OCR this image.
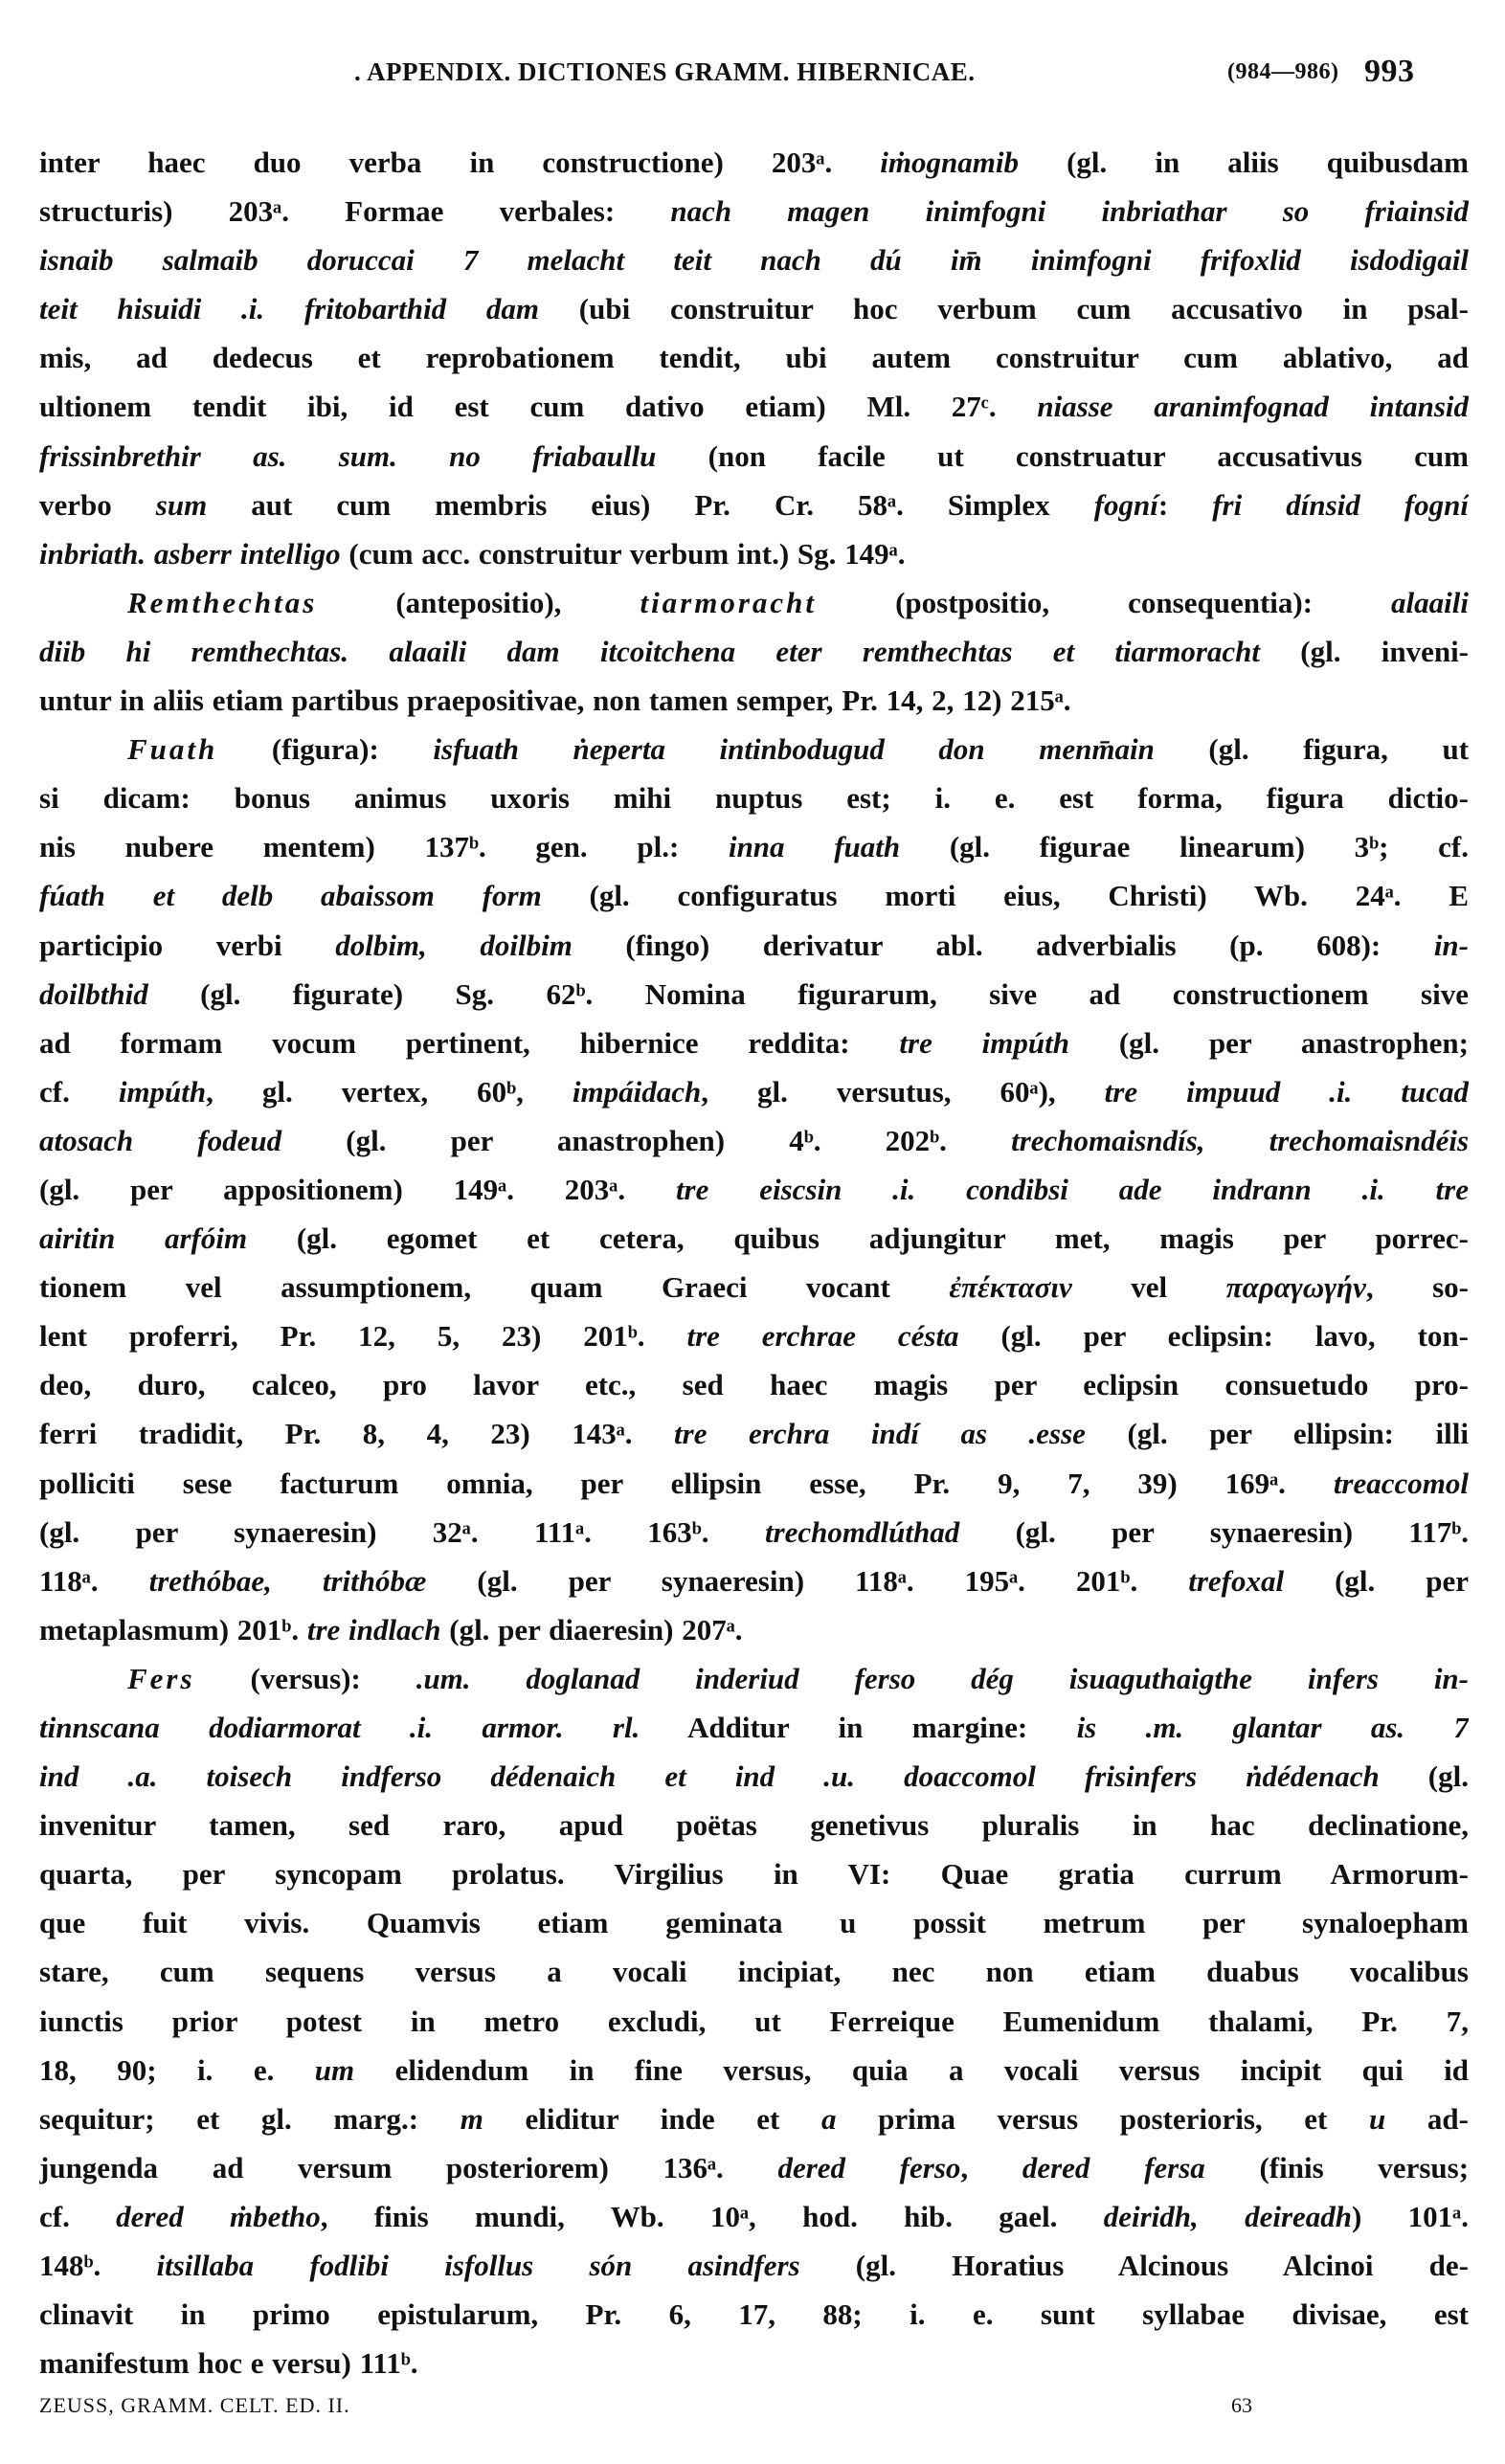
. APPENDIX. DICTIONES GRAMM. HIBERNICAE.	(984—986) 993
inter haec duo verba in constructione) 203ᵃ. iṁognamib (gl. in aliis quibusdam
structuris) 203ᵃ. Formae verbales: nach magen inimfogni inbriathar so friainsid
isnaib salmaib doruccai 7 melacht teit nach dú im̄ inimfogni frifoxlid isdodigail
teit hisuidi .i. fritobarthid dam (ubi construitur hoc verbum cum accusativo in psal-
mis, ad dedecus et reprobationem tendit, ubi autem construitur cum ablativo, ad
ultionem tendit ibi, id est cum dativo etiam) Ml. 27ᶜ. niasse aranimfognad intansid
frissinbrethir as. sum. no friabaullu (non facile ut construatur accusativus cum
verbo sum aut cum membris eius) Pr. Cr. 58ᵃ. Simplex fogní: fri dínsid fogní
inbriath. asberr intelligo (cum acc. construitur verbum int.) Sg. 149ᵃ.
Remthechtas (antepositio), tiarmoracht (postpositio, consequentia): alaaili
diib hi remthechtas. alaaili dam itcoitchena eter remthechtas et tiarmoracht (gl. inveni-
untur in aliis etiam partibus praepositivae, non tamen semper, Pr. 14, 2, 12) 215ᵃ.
Fuath (figura): isfuath ṅeperta intinbodugud don menm̄ain (gl. figura, ut
si dicam: bonus animus uxoris mihi nuptus est; i. e. est forma, figura dictio-
nis nubere mentem) 137ᵇ. gen. pl.: inna fuath (gl. figurae linearum) 3ᵇ; cf.
fúath et delb abaissom form (gl. configuratus morti eius, Christi) Wb. 24ᵃ. E
participio verbi dolbim, doilbim (fingo) derivatur abl. adverbialis (p. 608): in-
doilbthid (gl. figurate) Sg. 62ᵇ. Nomina figurarum, sive ad constructionem sive
ad formam vocum pertinent, hibernice reddita: tre impúth (gl. per anastrophen;
cf. impúth, gl. vertex, 60ᵇ, impáidach, gl. versutus, 60ᵃ), tre impuud .i. tucad
atosach fodeud (gl. per anastrophen) 4ᵇ. 202ᵇ. trechomaisndís, trechomaisndéis
(gl. per appositionem) 149ᵃ. 203ᵃ. tre eiscsin .i. condibsi ade indrann .i. tre
airitin arfóim (gl. egomet et cetera, quibus adjungitur met, magis per porrec-
tionem vel assumptionem, quam Graeci vocant ἐπέκτασιν vel παραγωγήν, so-
lent proferri, Pr. 12, 5, 23) 201ᵇ. tre erchrae césta (gl. per eclipsin: lavo, ton-
deo, duro, calceo, pro lavor etc., sed haec magis per eclipsin consuetudo pro-
ferri tradidit, Pr. 8, 4, 23) 143ᵃ. tre erchra indí as .esse (gl. per ellipsin: illi
polliciti sese facturum omnia, per ellipsin esse, Pr. 9, 7, 39) 169ᵃ. treaccomol
(gl. per synaeresin) 32ᵃ. 111ᵃ. 163ᵇ. trechomdlúthad (gl. per synaeresin) 117ᵇ.
118ᵃ. trethóbae, trithóbæ (gl. per synaeresin) 118ᵃ. 195ᵃ. 201ᵇ. trefoxal (gl. per
metaplasmum) 201ᵇ. tre indlach (gl. per diaeresin) 207ᵃ.
Fers (versus): .um. doglanad inderiud ferso dég isuaguthaigthe infers in-
tinnscana dodiarmorat .i. armor. rl. Additur in margine: is .m. glantar as. 7
ind .a. toisech indferso dédenaich et ind .u. doaccomol frisinfers ṅdédenach (gl.
invenitur tamen, sed raro, apud poëtas genetivus pluralis in hac declinatione,
quarta, per syncopam prolatus. Virgilius in VI: Quae gratia currum Armorum-
que fuit vivis. Quamvis etiam geminata u possit metrum per synaloepham
stare, cum sequens versus a vocali incipiat, nec non etiam duabus vocalibus
iunctis prior potest in metro excludi, ut Ferreique Eumenidum thalami, Pr. 7,
18, 90; i. e. um elidendum in fine versus, quia a vocali versus incipit qui id
sequitur; et gl. marg.: m eliditur inde et a prima versus posterioris, et u ad-
jungenda ad versum posteriorem) 136ᵃ. dered ferso, dered fersa (finis versus;
cf. dered ṁbetho, finis mundi, Wb. 10ᵃ, hod. hib. gael. deiridh, deireadh) 101ᵃ.
148ᵇ. itsillaba fodlibi isfollus són asindfers (gl. Horatius Alcinous Alcinoi de-
clinavit in primo epistularum, Pr. 6, 17, 88; i. e. sunt syllabae divisae, est
manifestum hoc e versu) 111ᵇ.
ZEUSS, GRAMM. CELT. ED. II.	63
